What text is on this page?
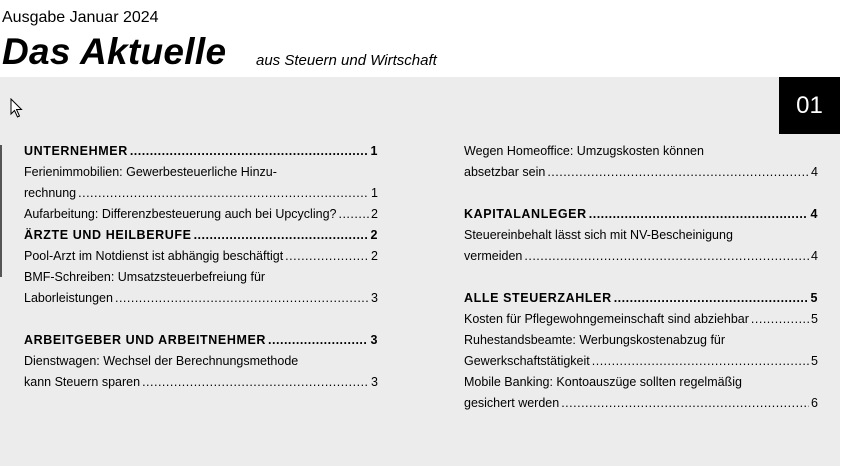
Ausgabe Januar 2024
Das Aktuelle aus Steuern und Wirtschaft
01
UNTERNEHMER .....	1
Ferienimmobilien: Gewerbesteuerliche Hinzu-
rechnung .....	1
Aufarbeitung: Differenzbesteuerung auch bei Upcycling? .....	2
ÄRZTE UND HEILBERUFE .....	2
Pool-Arzt im Notdienst ist abhängig beschäftigt .....	2
BMF-Schreiben: Umsatzsteuerbefreiung für
Laborleistungen .....	3
ARBEITGEBER UND ARBEITNEHMER .....	3
Dienstwagen: Wechsel der Berechnungsmethode
kann Steuern sparen .....	3
Wegen Homeoffice: Umzugskosten können
absetzbar sein .....	4
KAPITALANLEGER .....	4
Steuereinbehalt lässt sich mit NV-Bescheinigung
vermeiden .....	4
ALLE STEUERZAHLER .....	5
Kosten für Pflegewohngemeinschaft sind abziehbar .....	5
Ruhestandsbeamte: Werbungskostenabzug für
Gewerkschaftstätigkeit .....	5
Mobile Banking: Kontoauszüge sollten regelmäßig
gesichert werden .....	6
